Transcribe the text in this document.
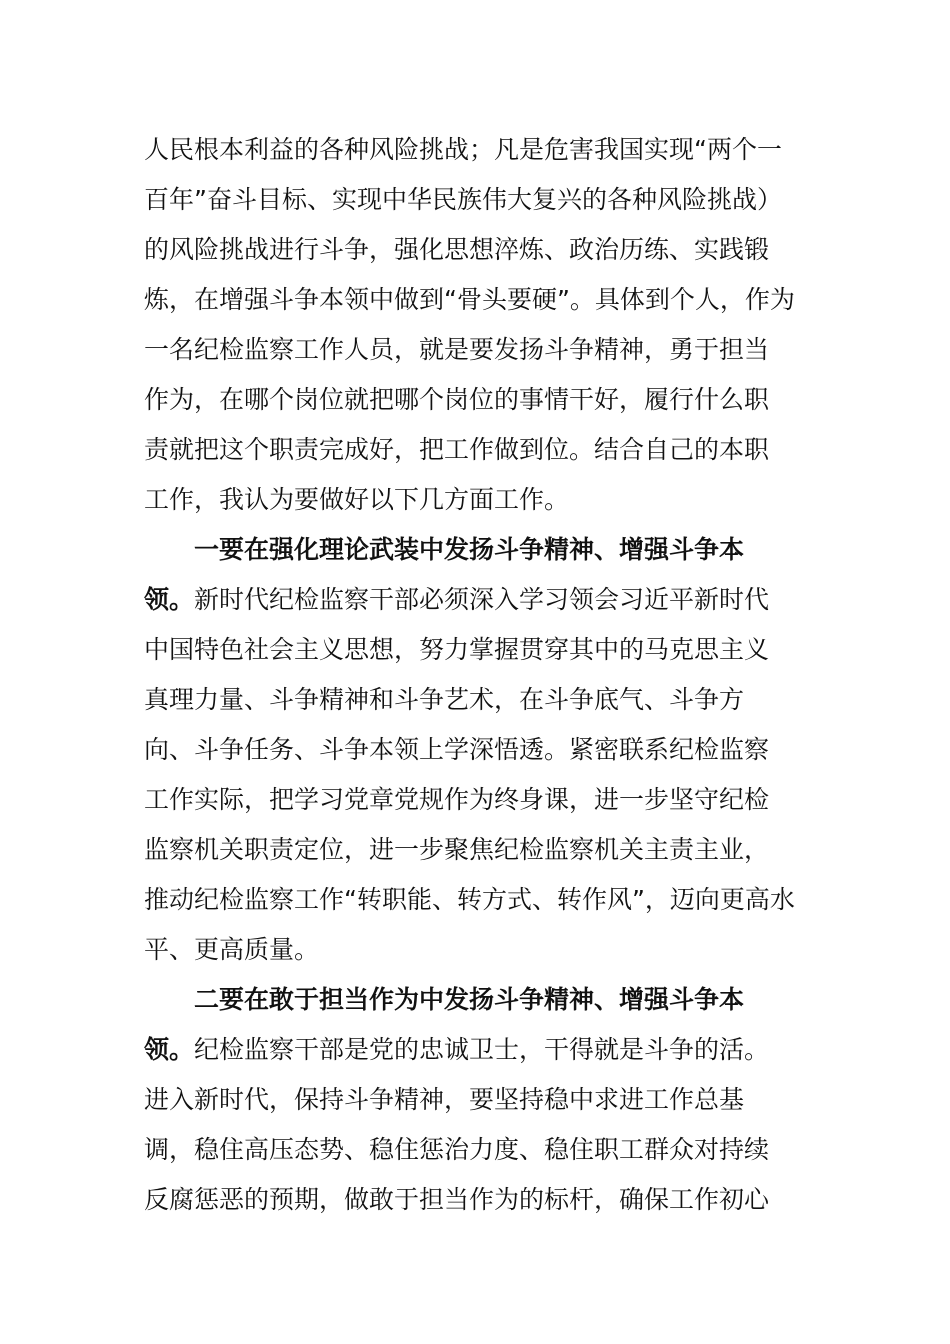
人民根本利益的各种风险挑战；凡是危害我国实现“两个一
百年”奋斗目标、实现中华民族伟大复兴的各种风险挑战）
的风险挑战进行斗争，强化思想淬炼、政治历练、实践锻
炼，在增强斗争本领中做到“骨头要硬”。具体到个人，作为
一名纪检监察工作人员，就是要发扬斗争精神，勇于担当
作为，在哪个岗位就把哪个岗位的事情干好，履行什么职
责就把这个职责完成好，把工作做到位。结合自己的本职
工作，我认为要做好以下几方面工作。
一要在强化理论武装中发扬斗争精神、增强斗争本
领。新时代纪检监察干部必须深入学习领会习近平新时代
中国特色社会主义思想，努力掌握贯穿其中的马克思主义
真理力量、斗争精神和斗争艺术，在斗争底气、斗争方
向、斗争任务、斗争本领上学深悟透。紧密联系纪检监察
工作实际，把学习党章党规作为终身课，进一步坚守纪检
监察机关职责定位，进一步聚焦纪检监察机关主责主业，
推动纪检监察工作“转职能、转方式、转作风”，迈向更高水
平、更高质量。
二要在敢于担当作为中发扬斗争精神、增强斗争本
领。纪检监察干部是党的忠诚卫士，干得就是斗争的活。
进入新时代，保持斗争精神，要坚持稳中求进工作总基
调，稳住高压态势、稳住惩治力度、稳住职工群众对持续
反腐惩恶的预期，做敢于担当作为的标杆，确保工作初心
